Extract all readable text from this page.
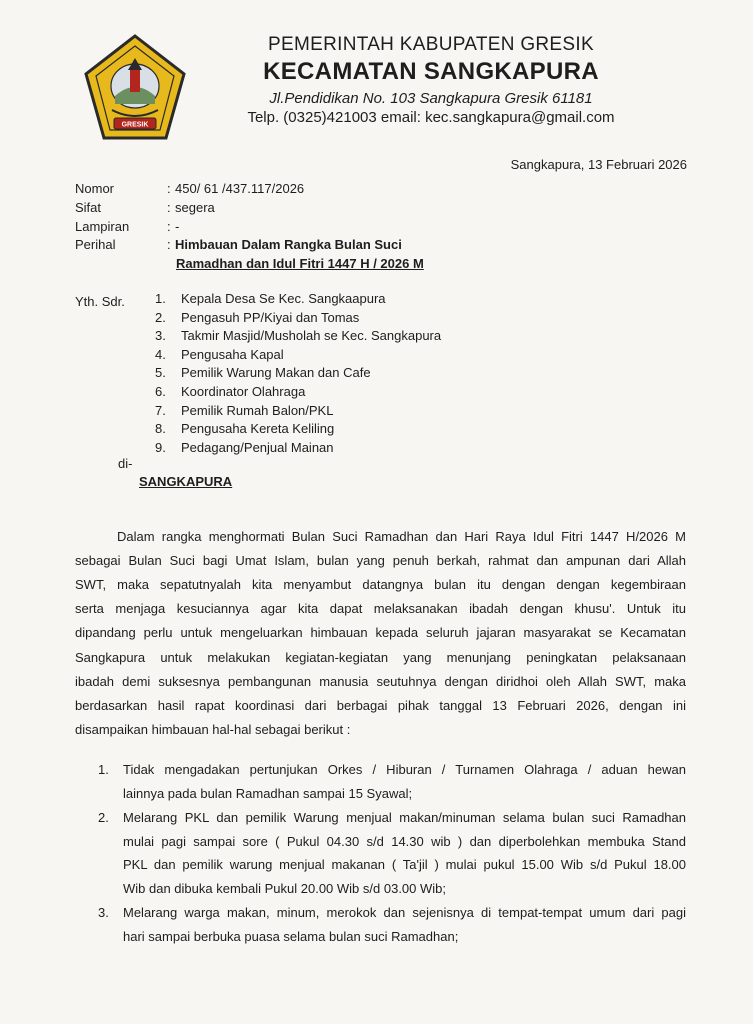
GRESIK
PEMERINTAH KABUPATEN GRESIK
KECAMATAN SANGKAPURA
Jl.Pendidikan No. 103 Sangkapura Gresik 61181
Telp. (0325)421003 email: kec.sangkapura@gmail.com
Sangkapura, 13 Februari 2026
Nomor	: 450/ 61 /437.117/2026
Sifat	: segera
Lampiran	: -
Perihal	: Himbauan Dalam Rangka Bulan Suci
Ramadhan dan Idul Fitri 1447 H / 2026 M
Yth. Sdr. 1. Kepala Desa Se Kec. Sangkaapura
2. Pengasuh PP/Kiyai dan Tomas
3. Takmir Masjid/Musholah se Kec. Sangkapura
4. Pengusaha Kapal
5. Pemilik Warung Makan dan Cafe
6. Koordinator Olahraga
7. Pemilik Rumah Balon/PKL
8. Pengusaha Kereta Keliling
9. Pedagang/Penjual Mainan
di-
SANGKAPURA
Dalam rangka menghormati Bulan Suci Ramadhan dan Hari Raya Idul Fitri 1447 H/2026 M
sebagai Bulan Suci bagi Umat Islam, bulan yang penuh berkah, rahmat dan ampunan dari Allah
SWT, maka sepatutnyalah kita menyambut datangnya bulan itu dengan dengan kegembiraan
serta menjaga kesuciannya agar kita dapat melaksanakan ibadah dengan khusu'. Untuk itu
dipandang perlu untuk mengeluarkan himbauan kepada seluruh jajaran masyarakat se Kecamatan
Sangkapura untuk melakukan kegiatan-kegiatan yang menunjang peningkatan pelaksanaan
ibadah demi suksesnya pembangunan manusia seutuhnya dengan diridhoi oleh Allah SWT, maka
berdasarkan hasil rapat koordinasi dari berbagai pihak tanggal 13 Februari 2026, dengan ini
disampaikan himbauan hal-hal sebagai berikut :
1. Tidak mengadakan pertunjukan Orkes / Hiburan / Turnamen Olahraga / aduan hewan
lainnya pada bulan Ramadhan sampai 15 Syawal;
2. Melarang PKL dan pemilik Warung menjual makan/minuman selama bulan suci Ramadhan
mulai pagi sampai sore ( Pukul 04.30 s/d 14.30 wib ) dan diperbolehkan membuka Stand
PKL dan pemilik warung menjual makanan ( Ta'jil ) mulai pukul 15.00 Wib s/d Pukul 18.00
Wib dan dibuka kembali Pukul 20.00 Wib s/d 03.00 Wib;
3. Melarang warga makan, minum, merokok dan sejenisnya di tempat-tempat umum dari pagi
hari sampai berbuka puasa selama bulan suci Ramadhan;
